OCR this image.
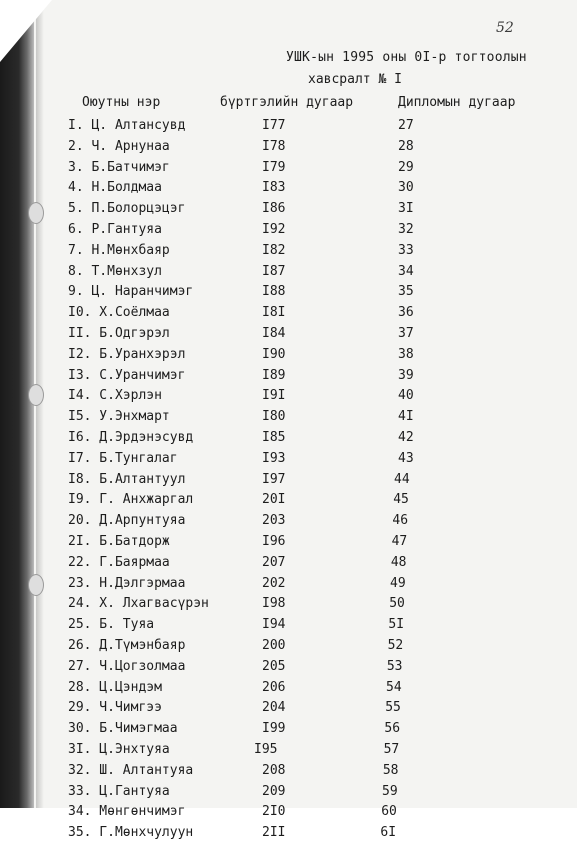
52
УШК-ын 1995 оны 0I-р тогтоолын
хавсралт № I
Оюутны нэр	бүртгэлийн дугаар	Дипломын дугаар
I. Ц. Алтансувд	I77	27
2. Ч. Арнунаа	I78	28
3. Б.Батчимэг	I79	29
4. Н.Болдмаа	I83	30
5. П.Болорцэцэг	I86	3I
6. Р.Гантуяа	I92	32
7. Н.Мөнхбаяр	I82	33
8. Т.Мөнхзул	I87	34
9. Ц. Наранчимэг	I88	35
I0. Х.Соёлмаа	I8I	36
II. Б.Одгэрэл	I84	37
I2. Б.Уранхэрэл	I90	38
I3. С.Уранчимэг	I89	39
I4. С.Хэрлэн	I9I	40
I5. У.Энхмарт	I80	4I
I6. Д.Эрдэнэсувд	I85	42
I7. Б.Тунгалаг	I93	43
I8. Б.Алтантуул	I97	44
I9. Г. Анхжаргал	20I	45
20. Д.Арпунтуяа	203	46
2I. Б.Батдорж	I96	47
22. Г.Баярмаа	207	48
23. Н.Дэлгэрмаа	202	49
24. Х. Лхагвасүрэн	I98	50
25. Б. Туяа	I94	5I
26. Д.Түмэнбаяр	200	52
27. Ч.Цогзолмаа	205	53
28. Ц.Цэндэм	206	54
29. Ч.Чимгээ	204	55
30. Б.Чимэгмаа	I99	56
3I. Ц.Энхтуяа	I95	57
32. Ш. Алтантуяа	208	58
33. Ц.Гантуяа	209	59
34. Мөнгөнчимэг	2I0	60
35. Г.Мөнхчулуун	2II	6I
